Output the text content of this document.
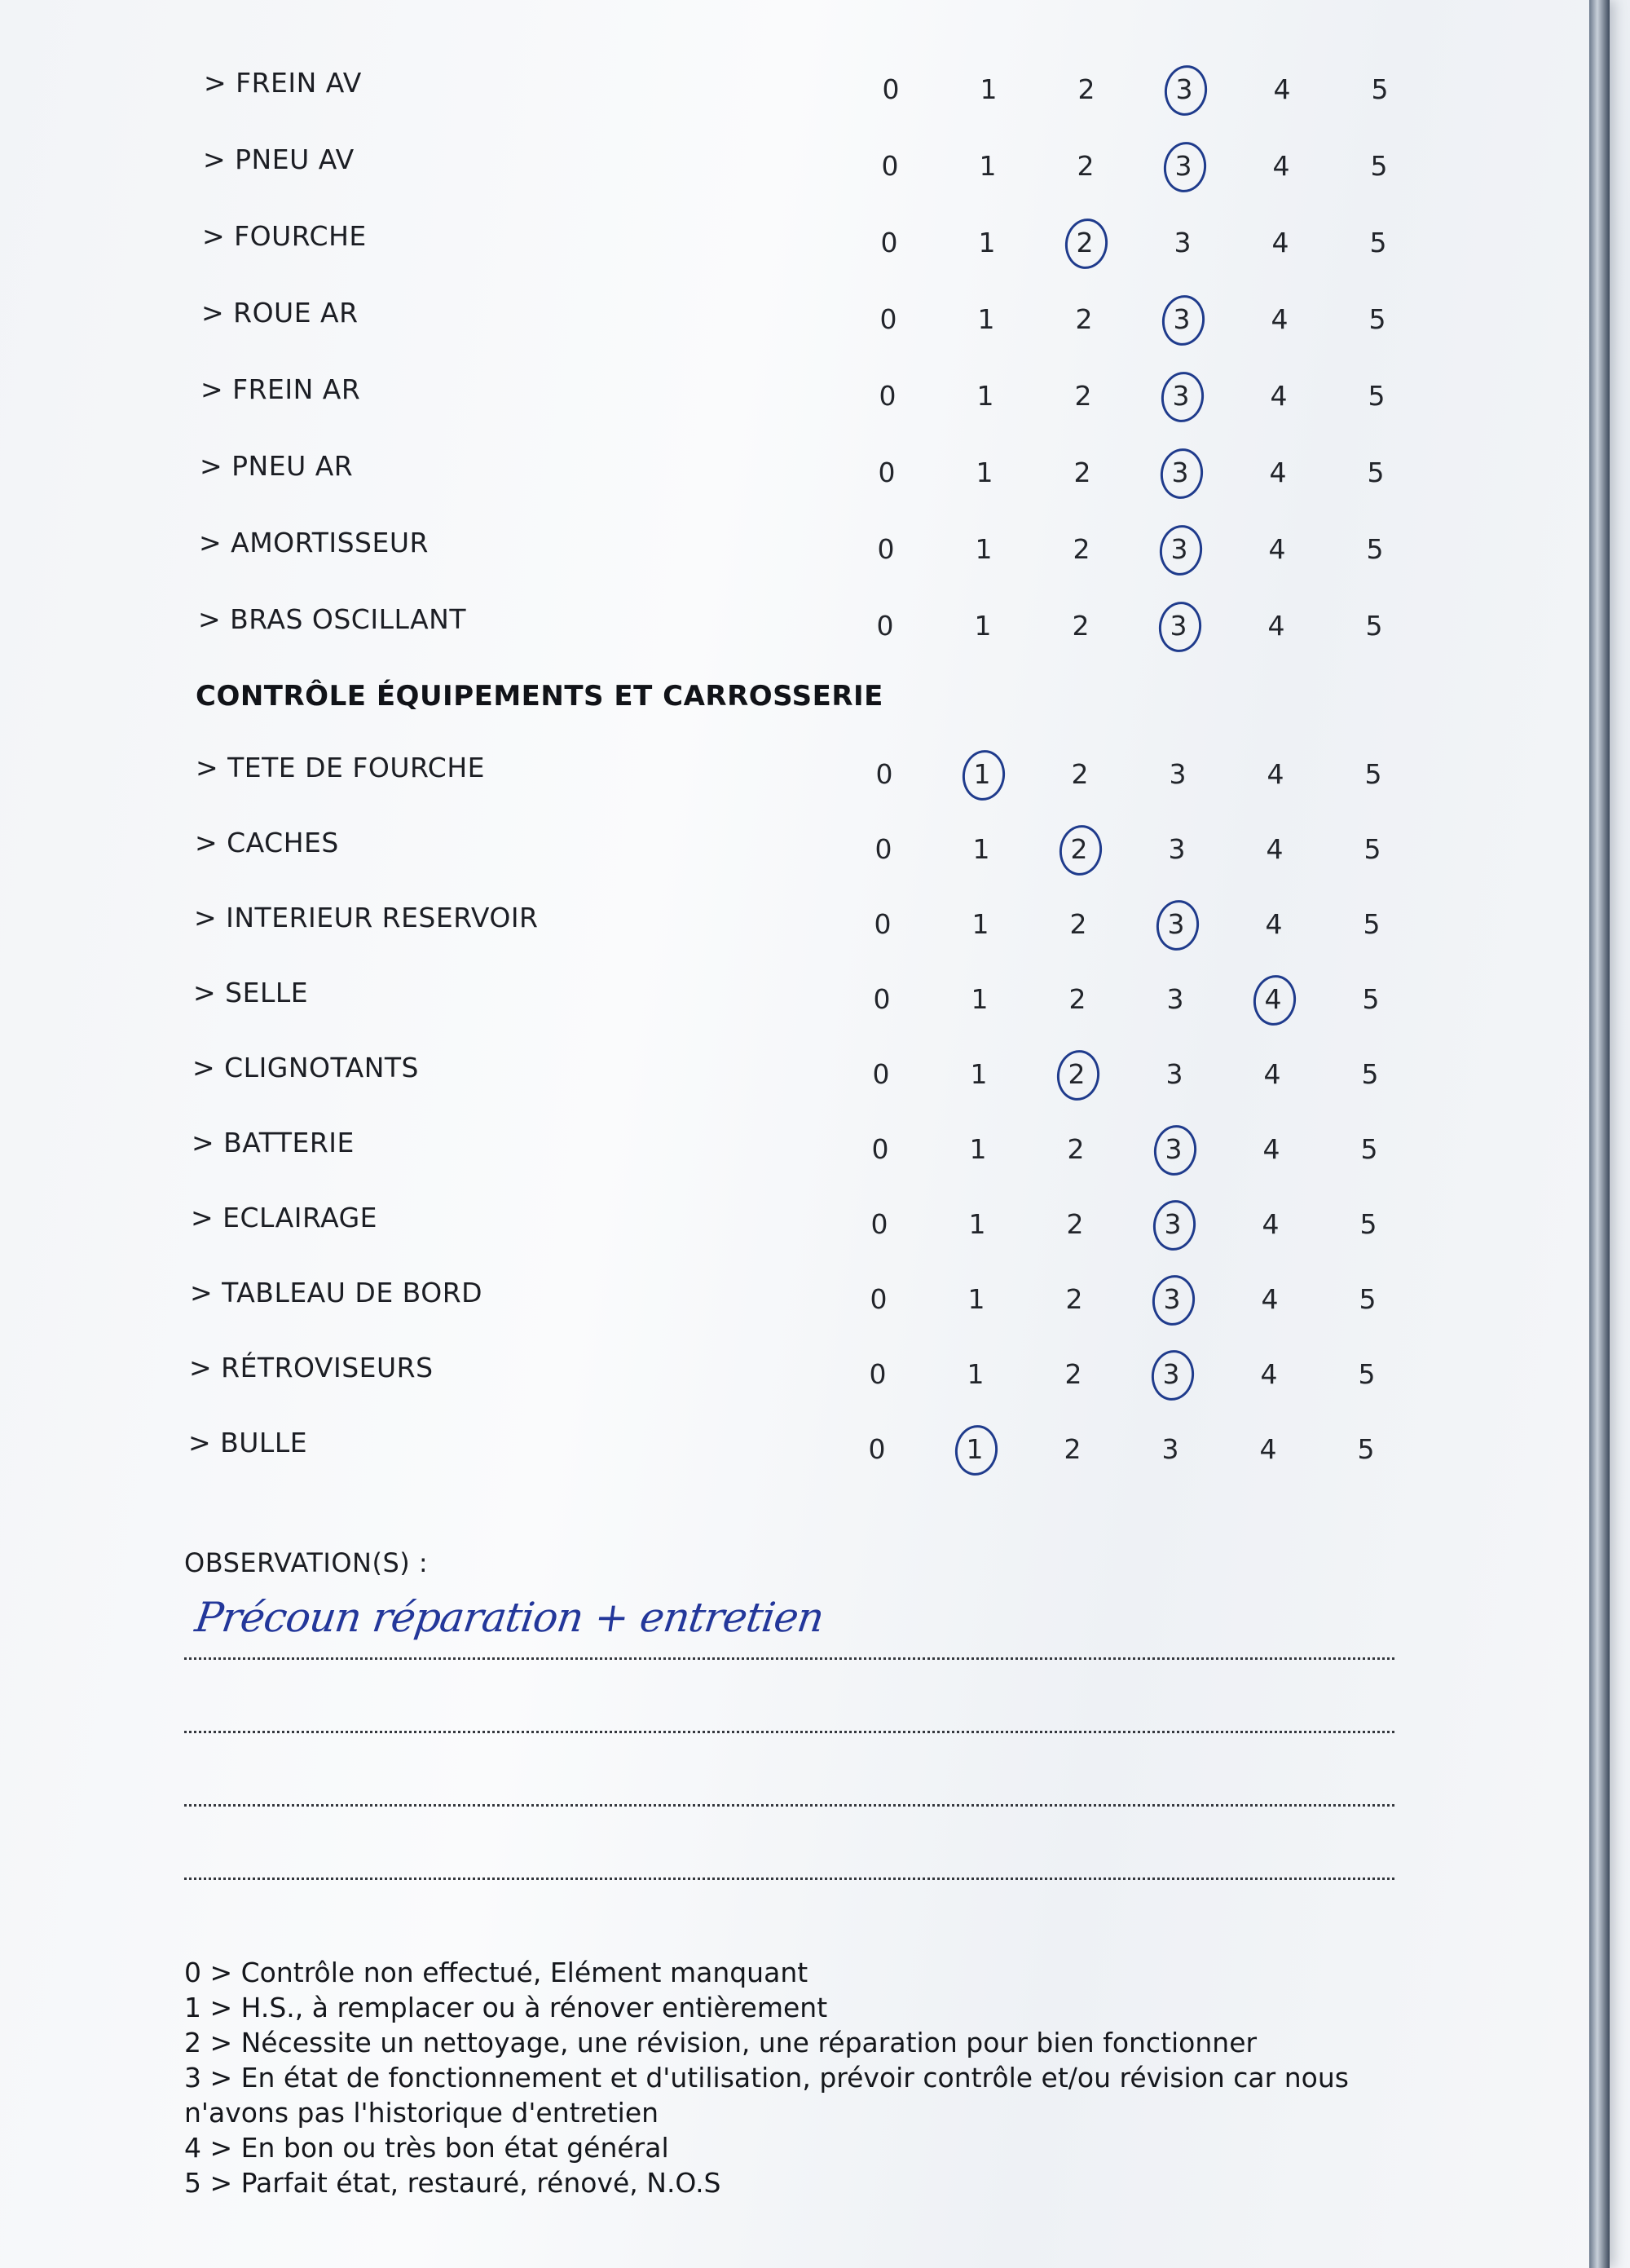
> FREIN AV	0	1	2	3	4	5
> PNEU AV	0	1	2	3	4	5
> FOURCHE	0	1	2	3	4	5
> ROUE AR	0	1	2	3	4	5
> FREIN AR	0	1	2	3	4	5
> PNEU AR	0	1	2	3	4	5
> AMORTISSEUR	0	1	2	3	4	5
> BRAS OSCILLANT	0	1	2	3	4	5
> TETE DE FOURCHE	0	1	2	3	4	5
> CACHES	0	1	2	3	4	5
> INTERIEUR RESERVOIR	0	1	2	3	4	5
> SELLE	0	1	2	3	4	5
> CLIGNOTANTS	0	1	2	3	4	5
> BATTERIE	0	1	2	3	4	5
> ECLAIRAGE	0	1	2	3	4	5
> TABLEAU DE BORD	0	1	2	3	4	5
> RÉTROVISEURS	0	1	2	3	4	5
> BULLE	0	1	2	3	4	5
CONTRÔLE ÉQUIPEMENTS ET CARROSSERIE
OBSERVATION(S) :
Précoun réparation + entretien
0 > Contrôle non effectué, Elément manquant
1 > H.S., à remplacer ou à rénover entièrement
2 > Nécessite un nettoyage, une révision, une réparation pour bien fonctionner
3 > En état de fonctionnement et d'utilisation, prévoir contrôle et/ou révision car nous n'avons pas l'historique d'entretien
4 > En bon ou très bon état général
5 > Parfait état, restauré, rénové, N.O.S
